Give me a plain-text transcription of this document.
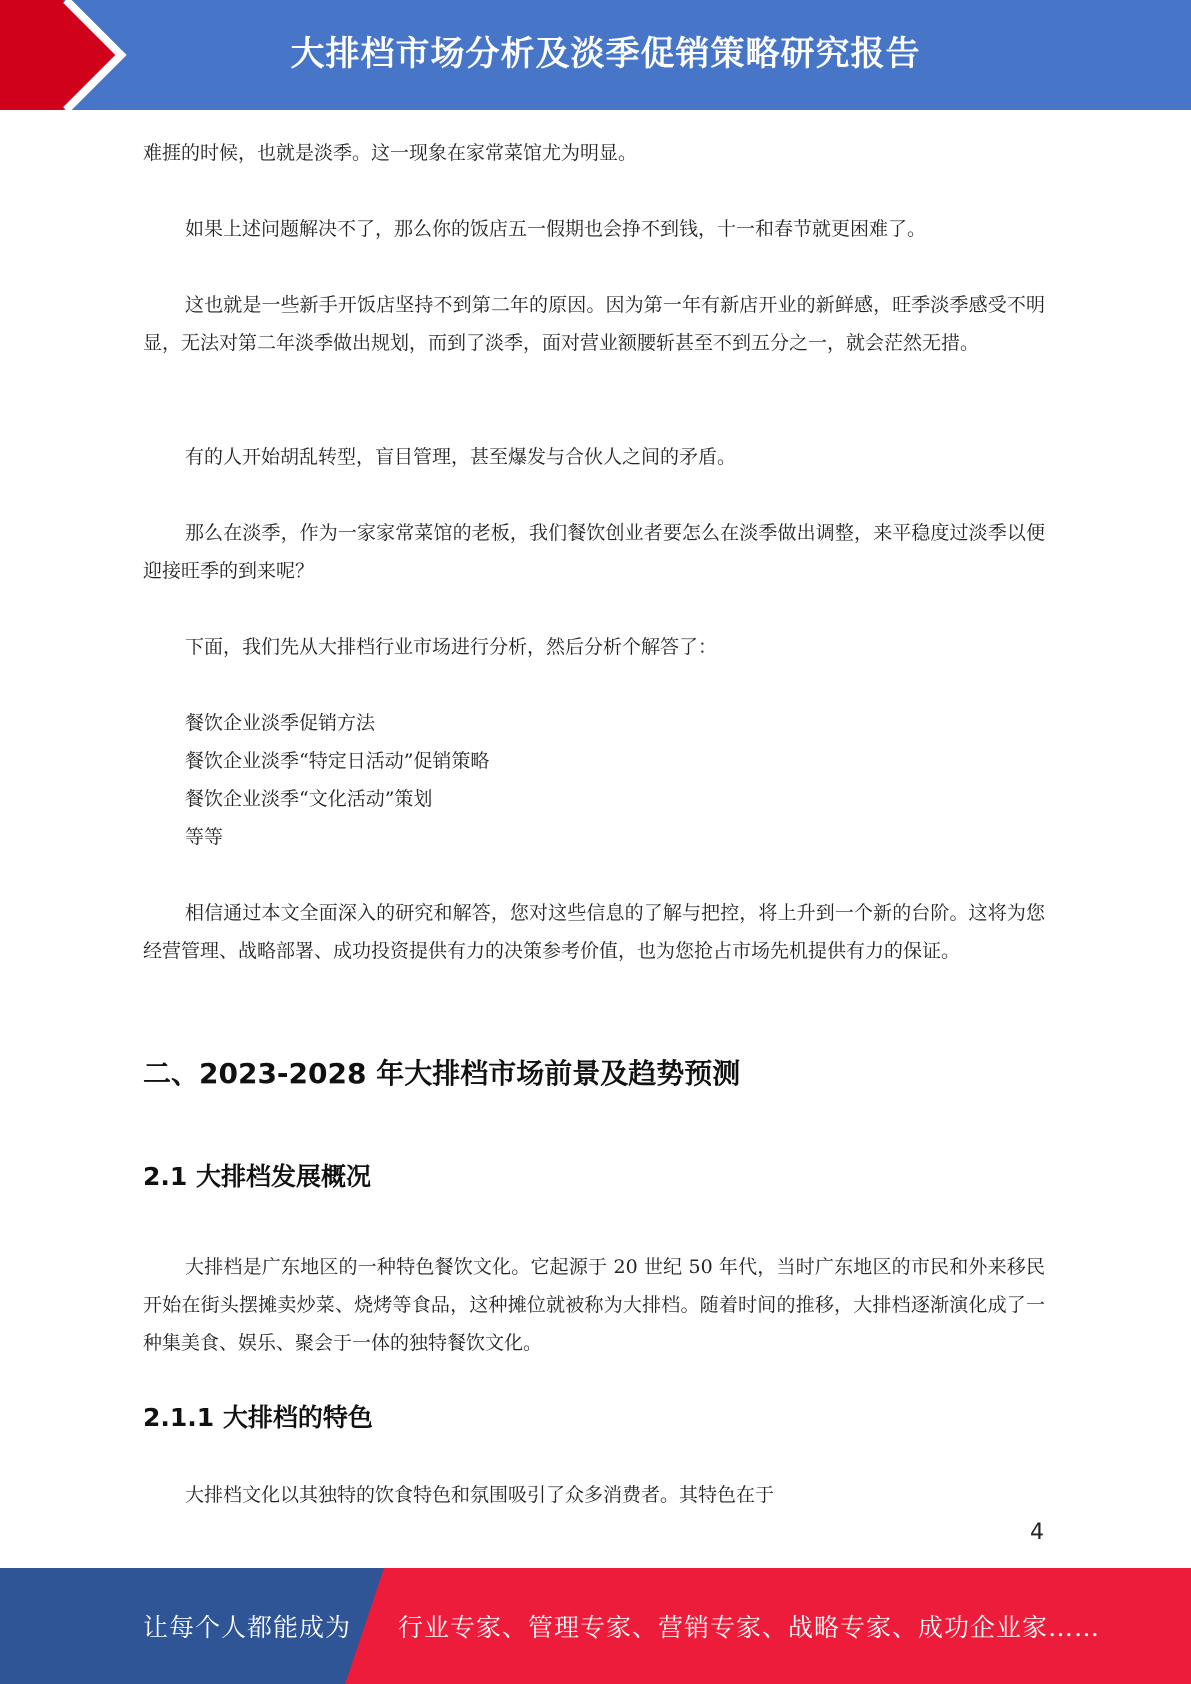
大排档市场分析及淡季促销策略研究报告

难捱的时候，也就是淡季。这一现象在家常菜馆尤为明显。

如果上述问题解决不了，那么你的饭店五一假期也会挣不到钱，十一和春节就更困难了。

这也就是一些新手开饭店坚持不到第二年的原因。因为第一年有新店开业的新鲜感，旺季淡季感受不明显，无法对第二年淡季做出规划，而到了淡季，面对营业额腰斩甚至不到五分之一，就会茫然无措。

有的人开始胡乱转型，盲目管理，甚至爆发与合伙人之间的矛盾。

那么在淡季，作为一家家常菜馆的老板，我们餐饮创业者要怎么在淡季做出调整，来平稳度过淡季以便迎接旺季的到来呢？

下面，我们先从大排档行业市场进行分析，然后分析个解答了：

餐饮企业淡季促销方法

餐饮企业淡季“特定日活动”促销策略

餐饮企业淡季“文化活动”策划

等等

相信通过本文全面深入的研究和解答，您对这些信息的了解与把控，将上升到一个新的台阶。这将为您经营管理、战略部署、成功投资提供有力的决策参考价值，也为您抢占市场先机提供有力的保证。

二、2023-2028 年大排档市场前景及趋势预测
2.1 大排档发展概况

大排档是广东地区的一种特色餐饮文化。它起源于 20 世纪 50 年代，当时广东地区的市民和外来移民开始在街头摆摊卖炒菜、烧烤等食品，这种摊位就被称为大排档。随着时间的推移，大排档逐渐演化成了一种集美食、娱乐、聚会于一体的独特餐饮文化。

2.1.1 大排档的特色

大排档文化以其独特的饮食特色和氛围吸引了众多消费者。其特色在于

4
让每个人都能成为 行业专家、管理专家、营销专家、战略专家、成功企业家……
